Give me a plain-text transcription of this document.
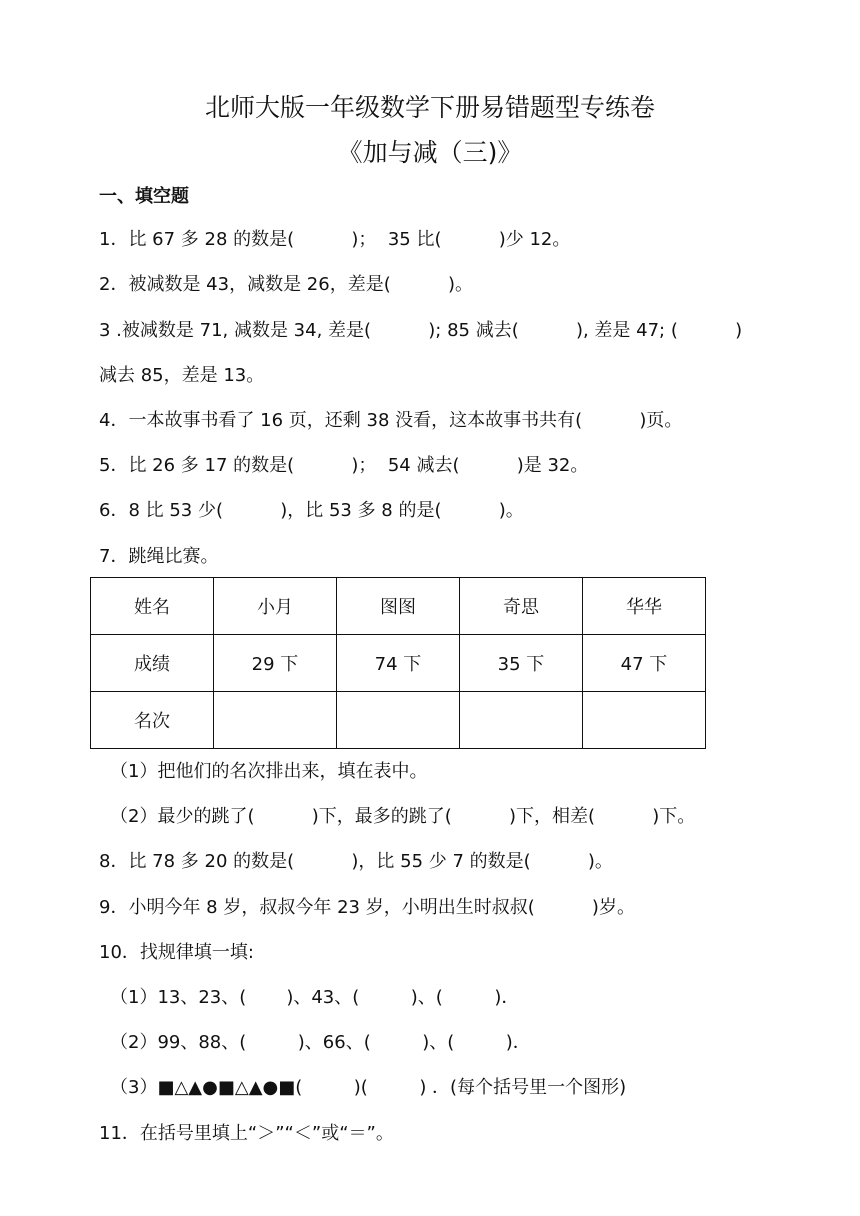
北师大版一年级数学下册易错题型专练卷
《加与减（三)》
一、填空题
1．比 67 多 28 的数是(          )；  35 比(          )少 12。
2．被减数是 43，减数是 26，差是(          )。
3 .被减数是 71, 减数是 34, 差是(          ); 85 减去(          ), 差是 47; (          )
减去 85，差是 13。
4．一本故事书看了 16 页，还剩 38 没看，这本故事书共有(          )页。
5．比 26 多 17 的数是(          )；  54 减去(          )是 32。
6．8 比 53 少(          )，比 53 多 8 的是(          )。
7．跳绳比赛。
姓名	小月	图图	奇思	华华
成绩	29 下	74 下	35 下	47 下
名次				
（1）把他们的名次排出来，填在表中。
（2）最少的跳了(          )下，最多的跳了(          )下，相差(          )下。
8．比 78 多 20 的数是(          )，比 55 少 7 的数是(          )。
9．小明今年 8 岁，叔叔今年 23 岁，小明出生时叔叔(          )岁。
10．找规律填一填:
（1）13、23、(       )、43、(         )、(         )．
（2）99、88、(         )、66、(         )、(         )．
（3）■△▲●■△▲●■(         )(         ) ．(每个括号里一个图形)
11．在括号里填上“＞”“＜”或“＝”。
